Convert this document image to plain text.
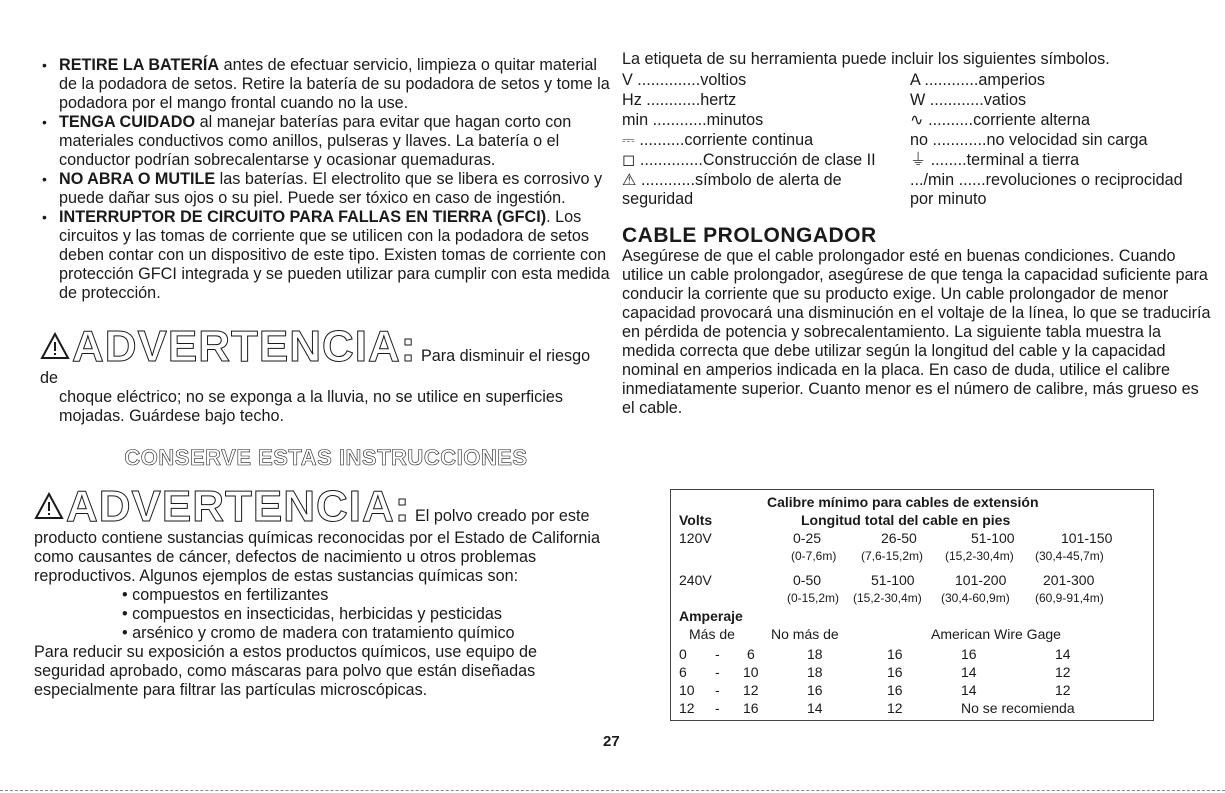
• RETIRE LA BATERÍA antes de efectuar servicio, limpieza o quitar material de la podadora de setos. Retire la batería de su podadora de setos y tome la podadora por el mango frontal cuando no la use.
• TENGA CUIDADO al manejar baterías para evitar que hagan corto con materiales conductivos como anillos, pulseras y llaves. La batería o el conductor podrían sobrecalentarse y ocasionar quemaduras.
• NO ABRA O MUTILE las baterías. El electrolito que se libera es corrosivo y puede dañar sus ojos o su piel. Puede ser tóxico en caso de ingestión.
• INTERRUPTOR DE CIRCUITO PARA FALLAS EN TIERRA (GFCI). Los circuitos y las tomas de corriente que se utilicen con la podadora de setos deben contar con un dispositivo de este tipo. Existen tomas de corriente con protección GFCI integrada y se pueden utilizar para cumplir con esta medida de protección.
ADVERTENCIA: Para disminuir el riesgo de
choque eléctrico; no se exponga a la lluvia, no se utilice en superficies mojadas. Guárdese bajo techo.
CONSERVE ESTAS INSTRUCCIONES
ADVERTENCIA: El polvo creado por este
producto contiene sustancias químicas reconocidas por el Estado de California como causantes de cáncer, defectos de nacimiento u otros problemas reproductivos. Algunos ejemplos de estas sustancias químicas son:
• compuestos en fertilizantes
• compuestos en insecticidas, herbicidas y pesticidas
• arsénico y cromo de madera con tratamiento químico
Para reducir su exposición a estos productos químicos, use equipo de seguridad aprobado, como máscaras para polvo que están diseñadas especialmente para filtrar las partículas microscópicas.
La etiqueta de su herramienta puede incluir los siguientes símbolos.
V ..............voltios	A ............amperios
Hz ............hertz	W ............vatios
min ............minutos	∿ ..........corriente alterna
⎓ ..........corriente continua	no ............no velocidad sin carga
◻ ..............Construcción de clase II	⏚ ........terminal a tierra
⚠ ............símbolo de alerta de seguridad
.../min ......revoluciones o reciprocidad por minuto
CABLE PROLONGADOR
Asegúrese de que el cable prolongador esté en buenas condiciones. Cuando utilice un cable prolongador, asegúrese de que tenga la capacidad suficiente para conducir la corriente que su producto exige. Un cable prolongador de menor capacidad provocará una disminución en el voltaje de la línea, lo que se traduciría en pérdida de potencia y sobrecalentamiento. La siguiente tabla muestra la medida correcta que debe utilizar según la longitud del cable y la capacidad nominal en amperios indicada en la placa. En caso de duda, utilice el calibre inmediatamente superior. Cuanto menor es el número de calibre, más grueso es el cable.
Calibre mínimo para cables de extensión
Volts	Longitud total del cable en pies
120V	0-25	26-50	51-100	101-150
(0-7,6m) (7,6-15,2m) (15,2-30,4m) (30,4-45,7m)
240V	0-50	51-100	101-200	201-300
(0-15,2m) (15,2-30,4m) (30,4-60,9m) (60,9-91,4m)
Amperaje
Más de	No más de	American Wire Gage
0 - 6	18	16	16	14
6 - 10	18	16	14	12
10 - 12	16	16	14	12
12 - 16	14	12	No se recomienda
27
